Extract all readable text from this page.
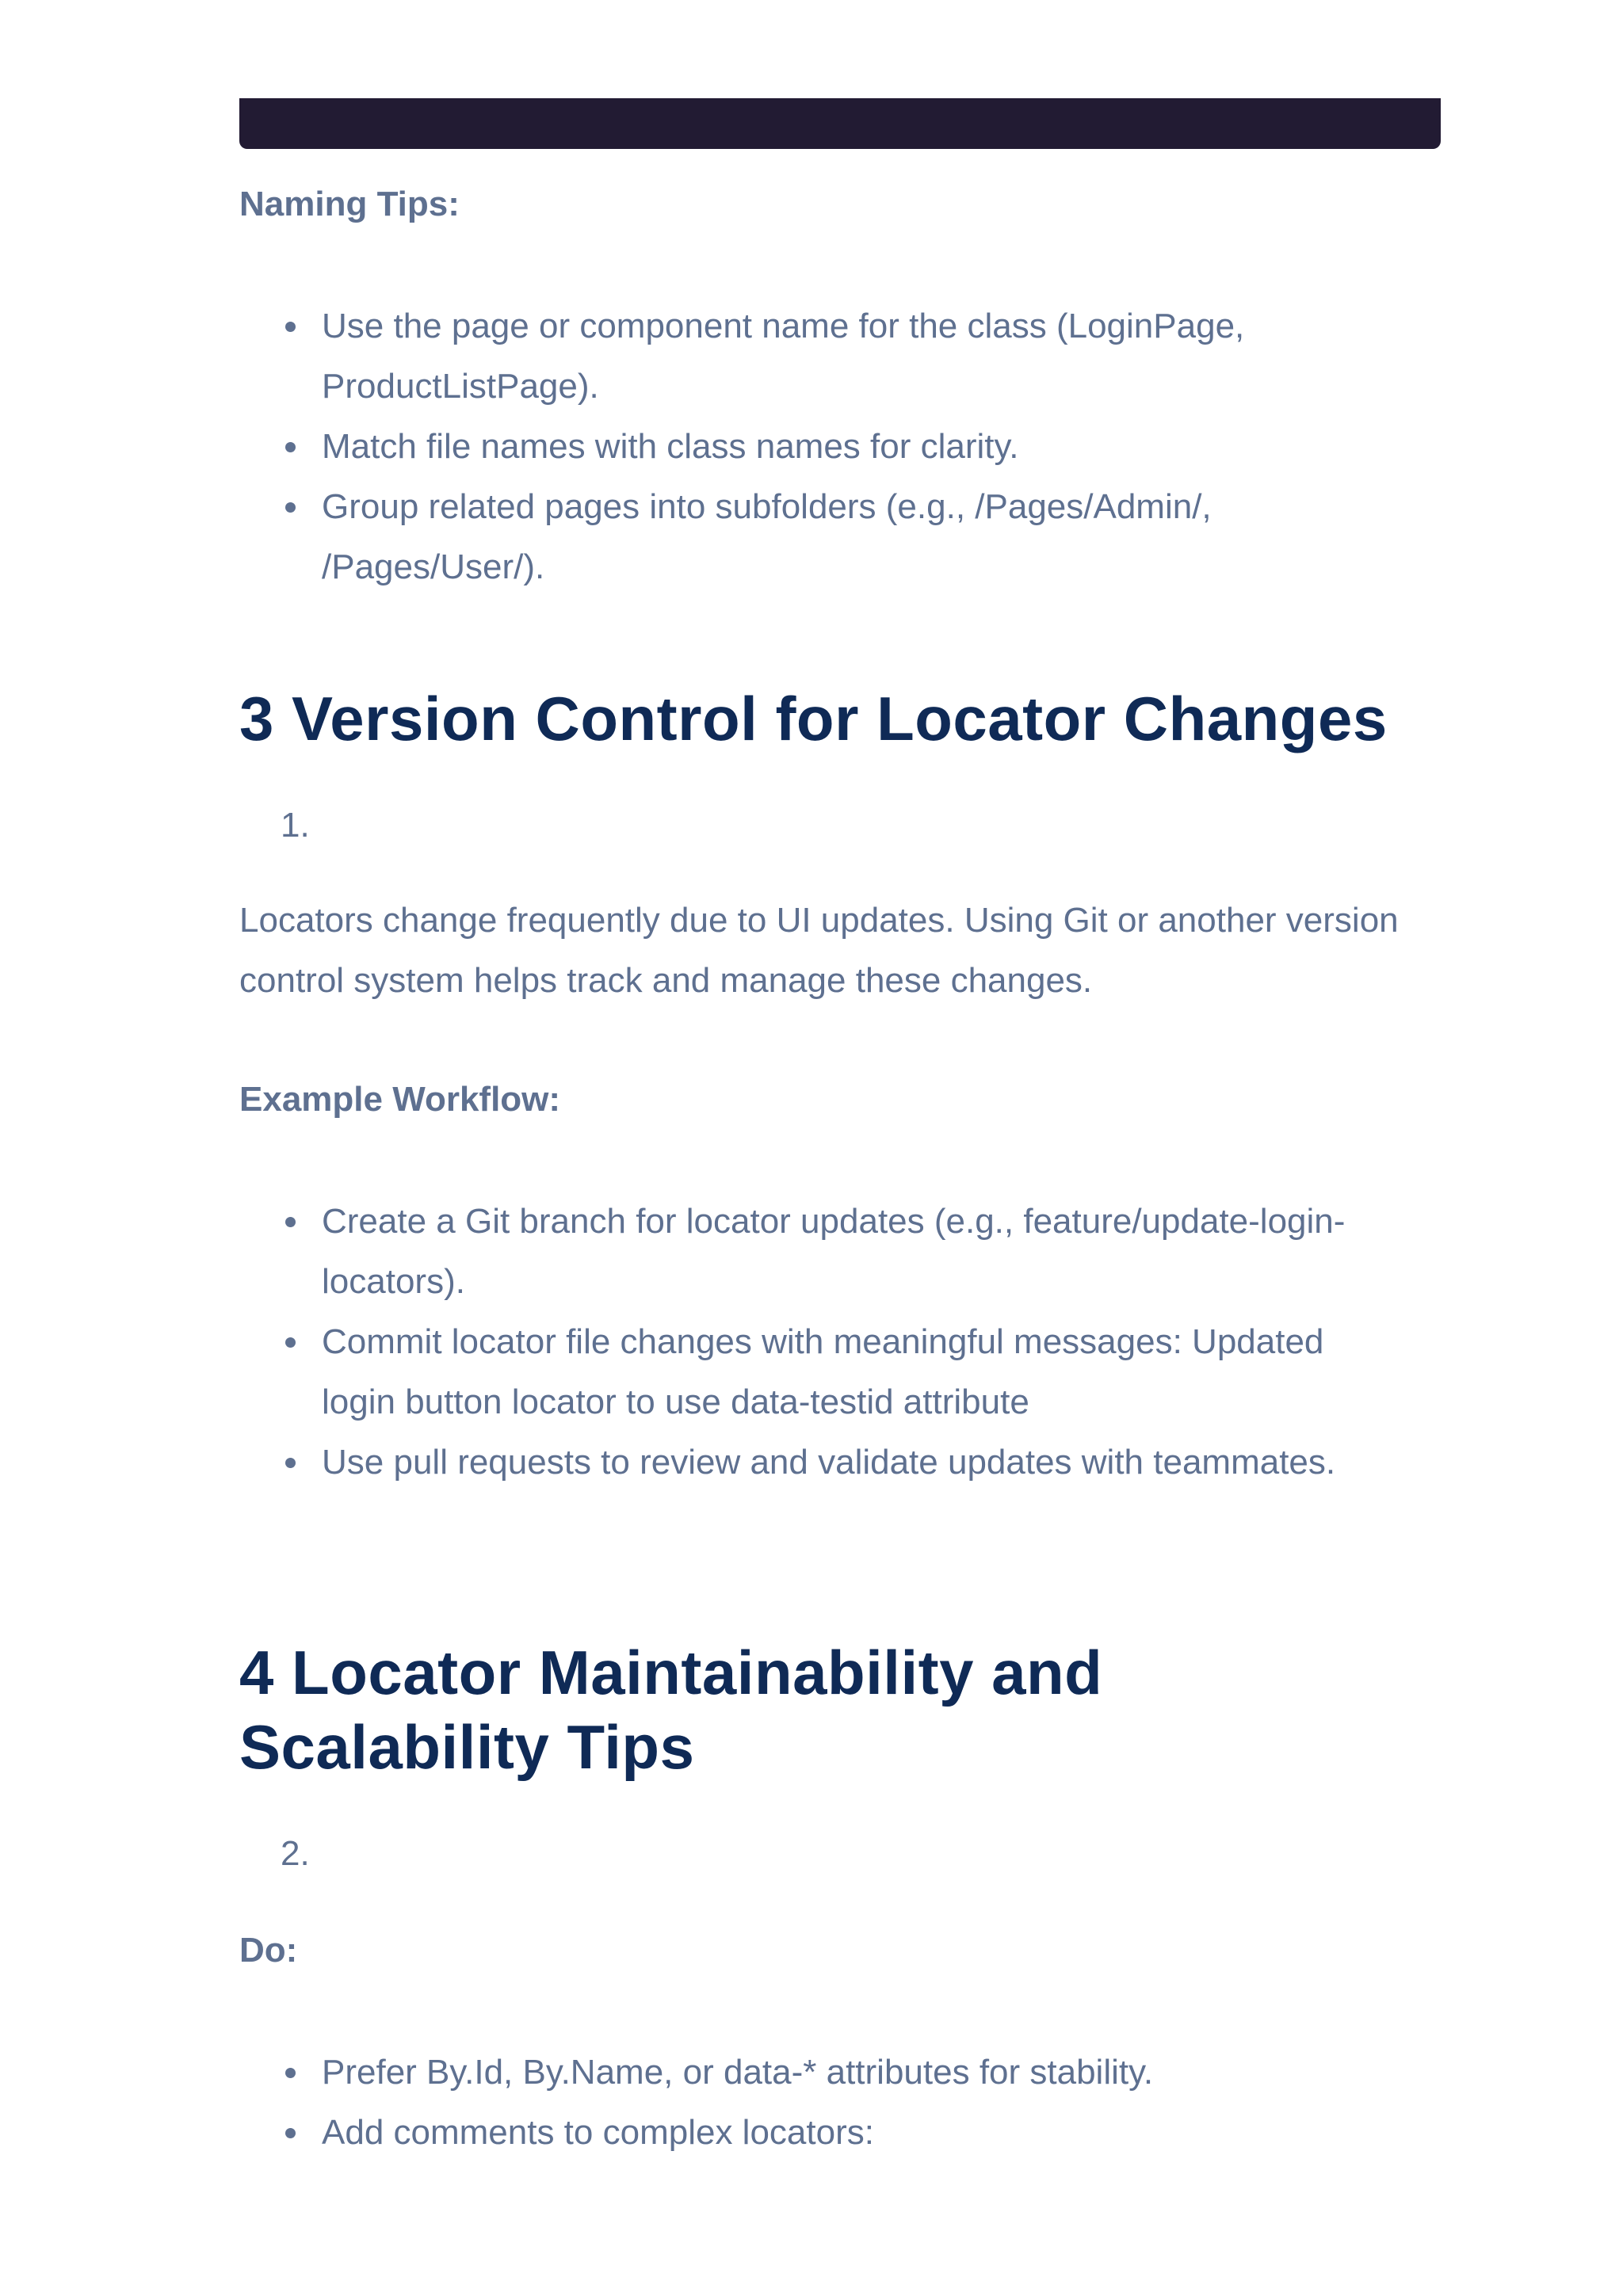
Naming Tips:

Use the page or component name for the class (LoginPage, ProductListPage).
Match file names with class names for clarity.
Group related pages into subfolders (e.g., /Pages/Admin/, /Pages/User/).
3 Version Control for Locator Changes

1.

Locators change frequently due to UI updates. Using Git or another version control system helps track and manage these changes.

Example Workflow:

Create a Git branch for locator updates (e.g., feature/update-login-locators).
Commit locator file changes with meaningful messages: Updated login button locator to use data-testid attribute
Use pull requests to review and validate updates with teammates.
4 Locator Maintainability and
Scalability Tips

2.

Do:

Prefer By.Id, By.Name, or data-* attributes for stability.
Add comments to complex locators:
